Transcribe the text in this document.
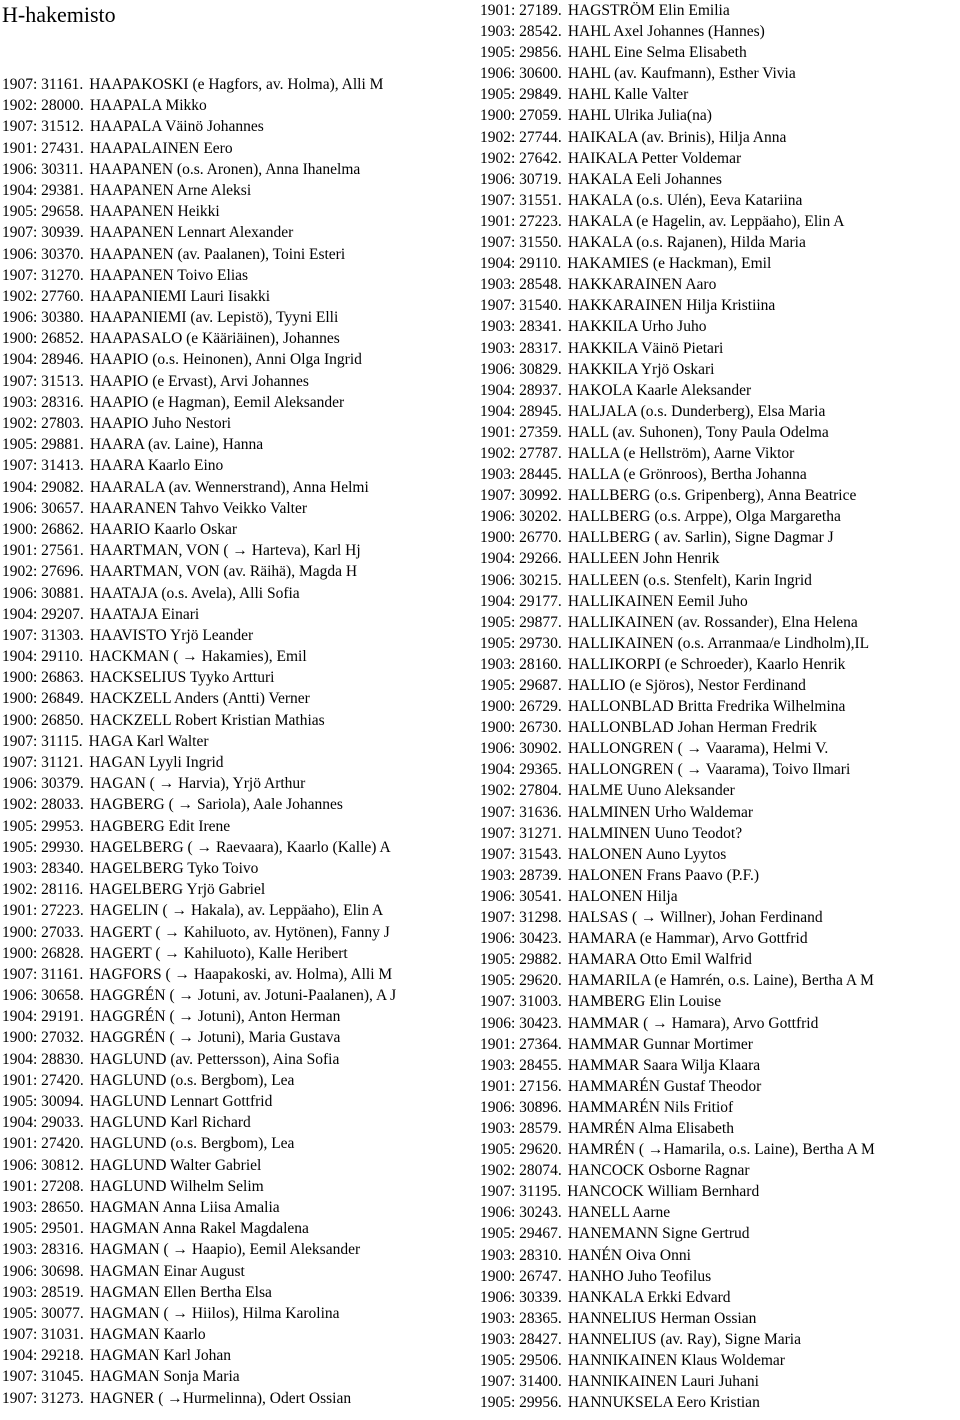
H-hakemisto
1907: 31161. HAAPAKOSKI (e Hagfors, av. Holma), Alli M
1902: 28000. HAAPALA Mikko
1907: 31512. HAAPALA Väinö Johannes
1901: 27431. HAAPALAINEN Eero
1906: 30311. HAAPANEN (o.s. Aronen), Anna Ihanelma
1904: 29381. HAAPANEN Arne Aleksi
1905: 29658. HAAPANEN Heikki
1907: 30939. HAAPANEN Lennart Alexander
1906: 30370. HAAPANEN (av. Paalanen), Toini Esteri
1907: 31270. HAAPANEN Toivo Elias
1902: 27760. HAAPANIEMI Lauri Iisakki
1906: 30380. HAAPANIEMI (av. Lepistö), Tyyni Elli
1900: 26852. HAAPASALO (e Kääriäinen), Johannes
1904: 28946. HAAPIO (o.s. Heinonen), Anni Olga Ingrid
1907: 31513. HAAPIO (e Ervast), Arvi Johannes
1903: 28316. HAAPIO (e Hagman), Eemil Aleksander
1902: 27803. HAAPIO Juho Nestori
1905: 29881. HAARA (av. Laine), Hanna
1907: 31413. HAARA Kaarlo Eino
1904: 29082. HAARALA (av. Wennerstrand), Anna Helmi
1906: 30657. HAARANEN Tahvo Veikko Valter
1900: 26862. HAARIO Kaarlo Oskar
1901: 27561. HAARTMAN, VON ( → Harteva), Karl Hj
1902: 27696. HAARTMAN, VON (av. Räihä), Magda H
1906: 30881. HAATAJA (o.s. Avela), Alli Sofia
1904: 29207. HAATAJA Einari
1907: 31303. HAAVISTO Yrjö Leander
1904: 29110. HACKMAN ( → Hakamies), Emil
1900: 26863. HACKSELIUS Tyyko Artturi
1900: 26849. HACKZELL Anders (Antti) Verner
1900: 26850. HACKZELL Robert Kristian Mathias
1907: 31115. HAGA Karl Walter
1907: 31121. HAGAN Lyyli Ingrid
1906: 30379. HAGAN ( → Harvia), Yrjö Arthur
1902: 28033. HAGBERG ( → Sariola), Aale Johannes
1905: 29953. HAGBERG Edit Irene
1905: 29930. HAGELBERG ( → Raevaara), Kaarlo (Kalle) A
1903: 28340. HAGELBERG Tyko Toivo
1902: 28116. HAGELBERG Yrjö Gabriel
1901: 27223. HAGELIN ( → Hakala), av. Leppäaho), Elin A
1900: 27033. HAGERT ( → Kahiluoto, av. Hytönen), Fanny J
1900: 26828. HAGERT ( → Kahiluoto), Kalle Heribert
1907: 31161. HAGFORS ( → Haapakoski, av. Holma), Alli M
1906: 30658. HAGGRÉN ( → Jotuni, av. Jotuni-Paalanen), A J
1904: 29191. HAGGRÉN ( → Jotuni), Anton Herman
1900: 27032. HAGGRÉN ( → Jotuni), Maria Gustava
1904: 28830. HAGLUND (av. Pettersson), Aina Sofia
1901: 27420. HAGLUND (o.s. Bergbom), Lea
1905: 30094. HAGLUND Lennart Gottfrid
1904: 29033. HAGLUND Karl Richard
1901: 27420. HAGLUND (o.s. Bergbom), Lea
1906: 30812. HAGLUND Walter Gabriel
1901: 27208. HAGLUND Wilhelm Selim
1903: 28650. HAGMAN Anna Liisa Amalia
1905: 29501. HAGMAN Anna Rakel Magdalena
1903: 28316. HAGMAN ( → Haapio), Eemil Aleksander
1906: 30698. HAGMAN Einar August
1903: 28519. HAGMAN Ellen Bertha Elsa
1905: 30077. HAGMAN ( → Hiilos), Hilma Karolina
1907: 31031. HAGMAN Kaarlo
1904: 29218. HAGMAN Karl Johan
1907: 31045. HAGMAN Sonja Maria
1907: 31273. HAGNER ( →Hurmelinna), Odert Ossian
1901: 27189. HAGSTRÖM Elin Emilia
1903: 28542. HAHL Axel Johannes (Hannes)
1905: 29856. HAHL Eine Selma Elisabeth
1906: 30600. HAHL (av. Kaufmann), Esther Vivia
1905: 29849. HAHL Kalle Valter
1900: 27059. HAHL Ulrika Julia(na)
1902: 27744. HAIKALA (av. Brinis), Hilja Anna
1902: 27642. HAIKALA Petter Voldemar
1906: 30719. HAKALA Eeli Johannes
1907: 31551. HAKALA (o.s. Ulén), Eeva Katariina
1901: 27223. HAKALA (e Hagelin, av. Leppäaho), Elin A
1907: 31550. HAKALA (o.s. Rajanen), Hilda Maria
1904: 29110. HAKAMIES (e Hackman), Emil
1903: 28548. HAKKARAINEN Aaro
1907: 31540. HAKKARAINEN Hilja Kristiina
1903: 28341. HAKKILA Urho Juho
1903: 28317. HAKKILA Väinö Pietari
1906: 30829. HAKKILA Yrjö Oskari
1904: 28937. HAKOLA Kaarle Aleksander
1904: 28945. HALJALA (o.s. Dunderberg), Elsa Maria
1901: 27359. HALL (av. Suhonen), Tony Paula Odelma
1902: 27787. HALLA (e Hellström), Aarne Viktor
1903: 28445. HALLA (e Grönroos), Bertha Johanna
1907: 30992. HALLBERG (o.s. Gripenberg), Anna Beatrice
1906: 30202. HALLBERG (o.s. Arppe), Olga Margaretha
1900: 26770. HALLBERG ( av. Sarlin), Signe Dagmar J
1904: 29266. HALLEEN John Henrik
1906: 30215. HALLEEN (o.s. Stenfelt), Karin Ingrid
1904: 29177. HALLIKAINEN Eemil Juho
1905: 29877. HALLIKAINEN (av. Rossander), Elna Helena
1905: 29730. HALLIKAINEN (o.s. Arranmaa/e Lindholm),IL
1903: 28160. HALLIKORPI (e Schroeder), Kaarlo Henrik
1905: 29687. HALLIO (e Sjöros), Nestor Ferdinand
1900: 26729. HALLONBLAD Britta Fredrika Wilhelmina
1900: 26730. HALLONBLAD Johan Herman Fredrik
1906: 30902. HALLONGREN ( → Vaarama), Helmi V.
1904: 29365. HALLONGREN ( → Vaarama), Toivo Ilmari
1902: 27804. HALME Uuno Aleksander
1907: 31636. HALMINEN Urho Waldemar
1907: 31271. HALMINEN Uuno Teodot?
1907: 31543. HALONEN Auno Lyytos
1903: 28739. HALONEN Frans Paavo (P.F.)
1906: 30541. HALONEN Hilja
1907: 31298. HALSAS ( → Willner), Johan Ferdinand
1906: 30423. HAMARA (e Hammar), Arvo Gottfrid
1905: 29882. HAMARA Otto Emil Walfrid
1905: 29620. HAMARILA (e Hamrén, o.s. Laine), Bertha A M
1907: 31003. HAMBERG Elin Louise
1906: 30423. HAMMAR ( → Hamara), Arvo Gottfrid
1901: 27364. HAMMAR Gunnar Mortimer
1903: 28455. HAMMAR Saara Wilja Klaara
1901: 27156. HAMMARÉN Gustaf Theodor
1906: 30896. HAMMARÉN Nils Fritiof
1903: 28579. HAMRÉN Alma Elisabeth
1905: 29620. HAMRÉN ( →Hamarila, o.s. Laine), Bertha A M
1902: 28074. HANCOCK Osborne Ragnar
1907: 31195. HANCOCK William Bernhard
1906: 30243. HANELL Aarne
1905: 29467. HANEMANN Signe Gertrud
1903: 28310. HANÉN Oiva Onni
1900: 26747. HANHO Juho Teofilus
1906: 30339. HANKALA Erkki Edvard
1903: 28365. HANNELIUS Herman Ossian
1903: 28427. HANNELIUS (av. Ray), Signe Maria
1905: 29506. HANNIKAINEN Klaus Woldemar
1907: 31400. HANNIKAINEN Lauri Juhani
1905: 29956. HANNUKSELA Eero Kristian
